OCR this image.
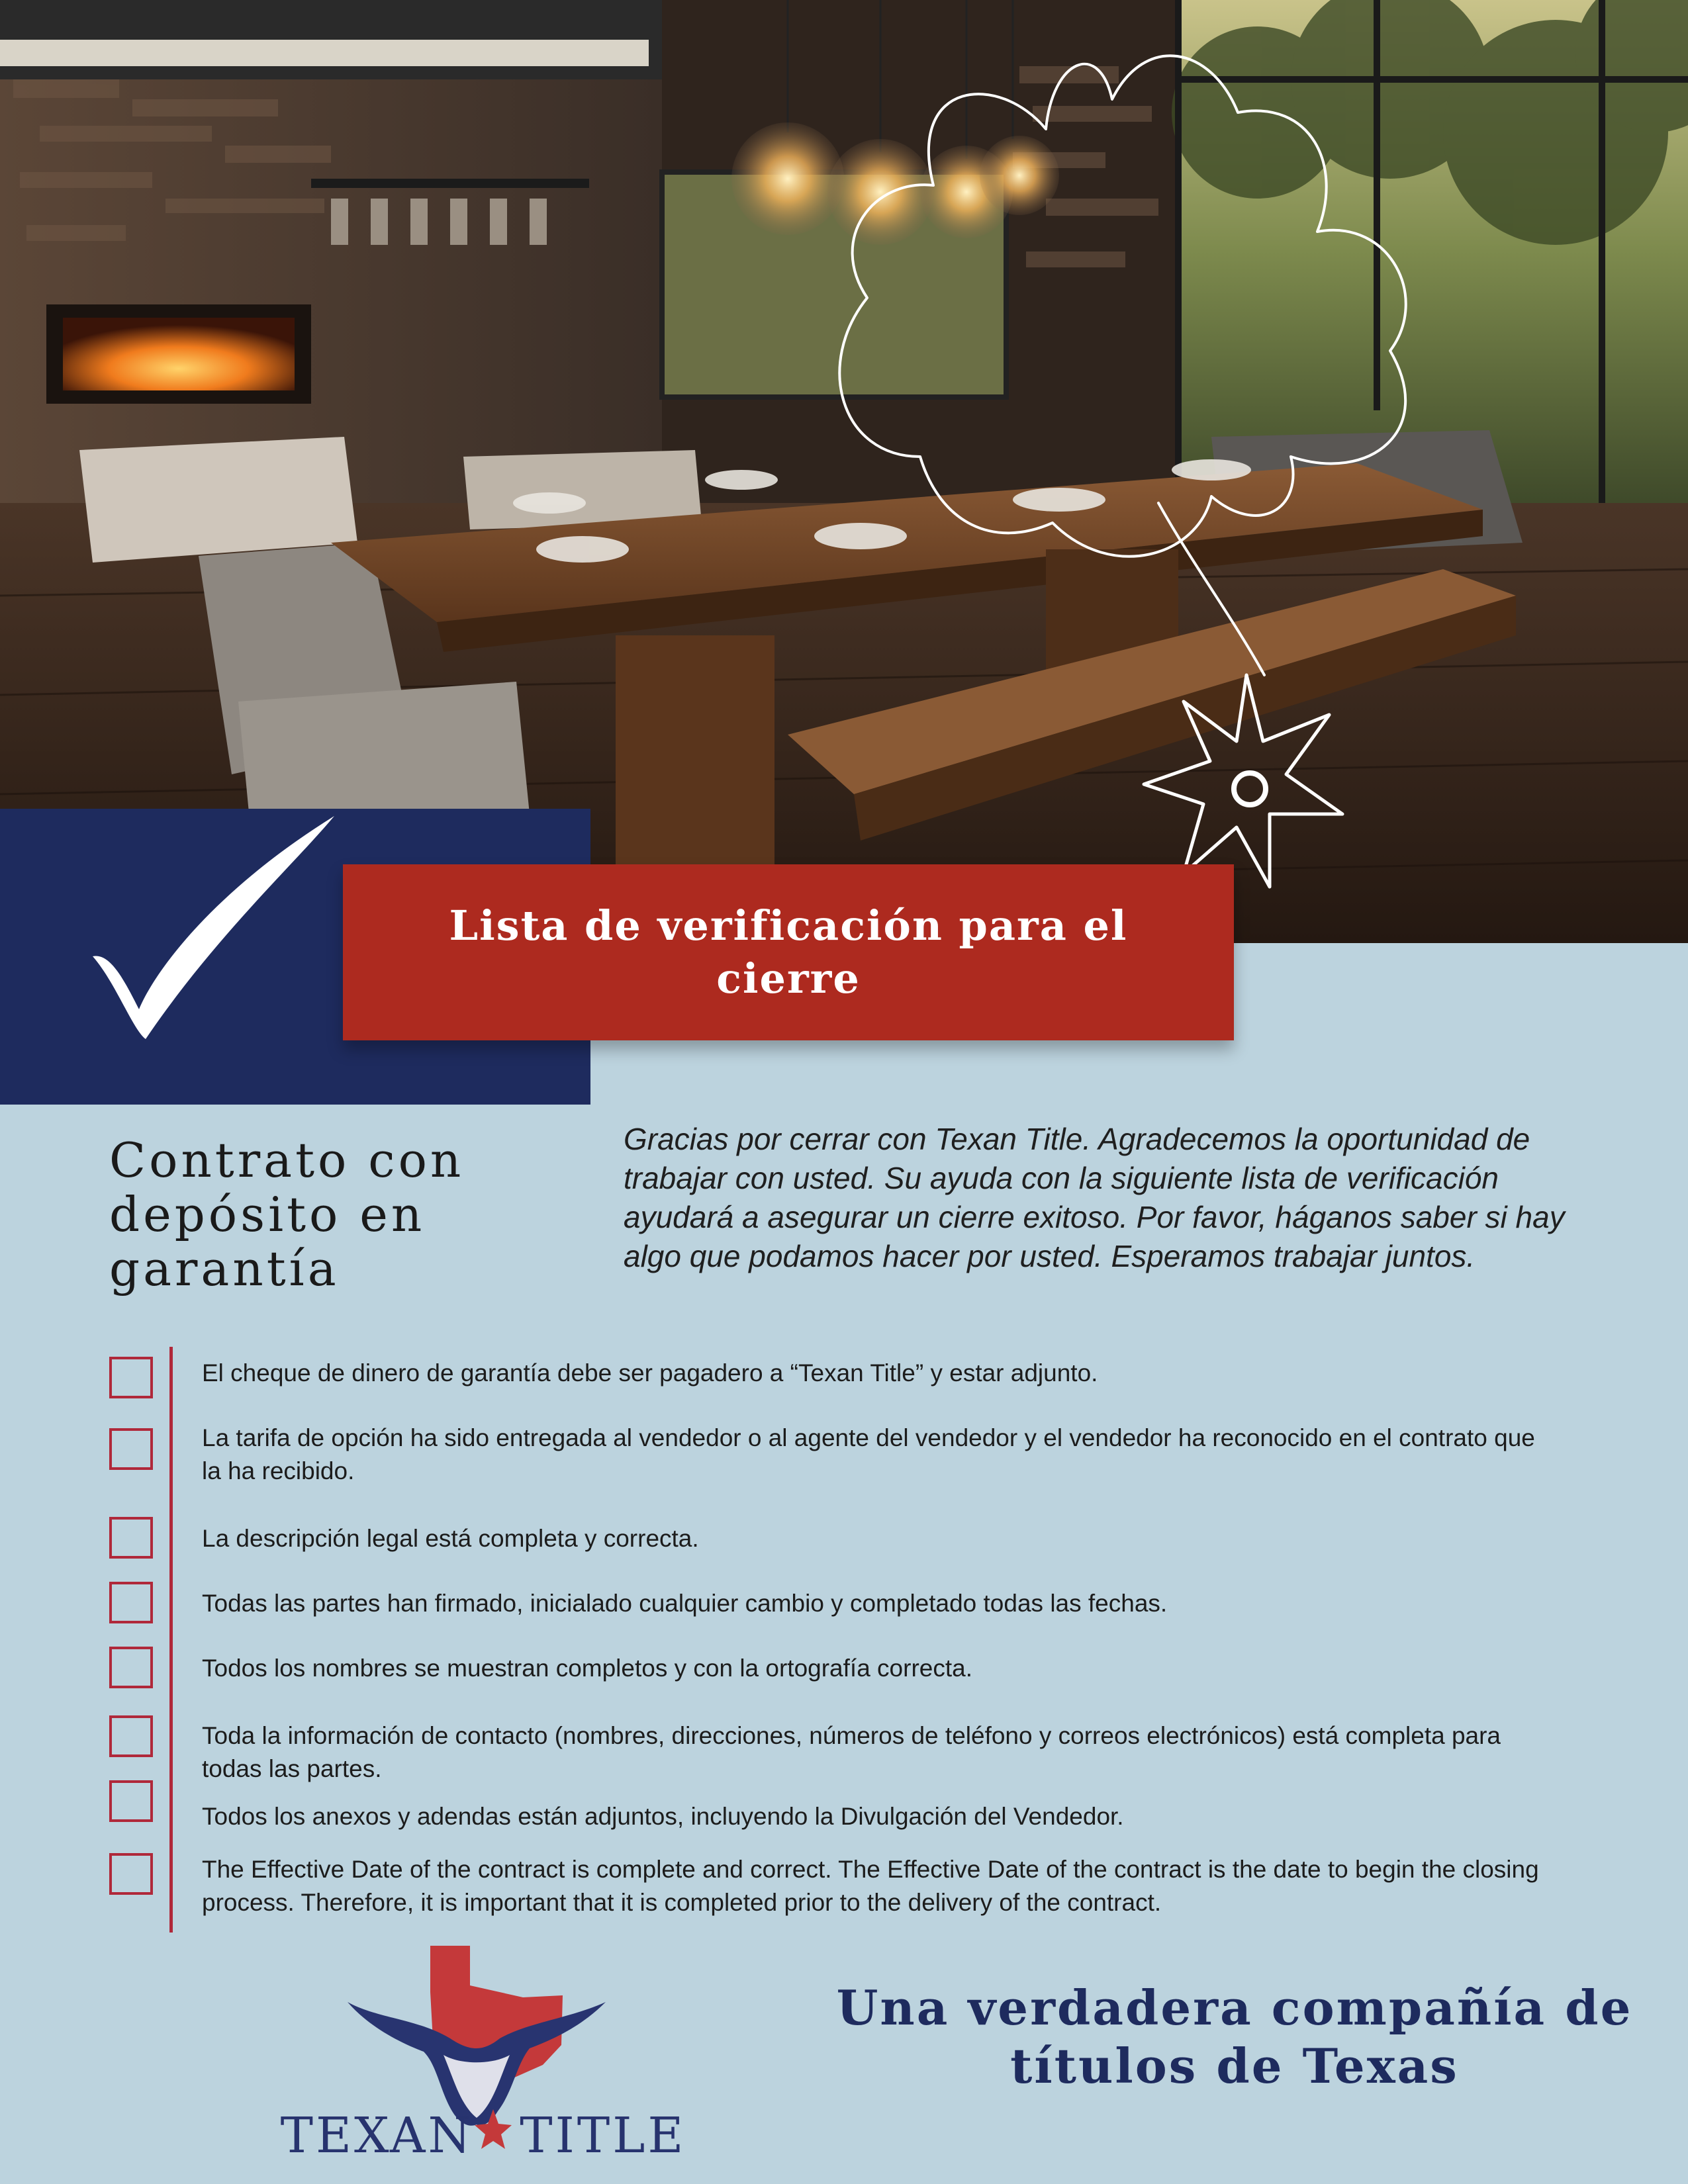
Lista de verificación para el cierre
Contrato con depósito en garantía

Gracias por cerrar con Texan Title. Agradecemos la oportunidad de trabajar con usted. Su ayuda con la siguiente lista de verificación ayudará a asegurar un cierre exitoso. Por favor, háganos saber si hay algo que podamos hacer por usted. Esperamos trabajar juntos.

El cheque de dinero de garantía debe ser pagadero a “Texan Title” y estar adjunto.
La tarifa de opción ha sido entregada al vendedor o al agente del vendedor y el vendedor ha reconocido en el contrato que la ha recibido.
La descripción legal está completa y correcta.
Todas las partes han firmado, inicialado cualquier cambio y completado todas las fechas.
Todos los nombres se muestran completos y con la ortografía correcta.
Toda la información de contacto (nombres, direcciones, números de teléfono y correos electrónicos) está completa para todas las partes.
Todos los anexos y adendas están adjuntos, incluyendo la Divulgación del Vendedor.
The Effective Date of the contract is complete and correct. The Effective Date of the contract is the date to begin the closing process. Therefore, it is important that it is completed prior to the delivery of the contract.
TEXAN TITLE

Una verdadera compañía de títulos de Texas
